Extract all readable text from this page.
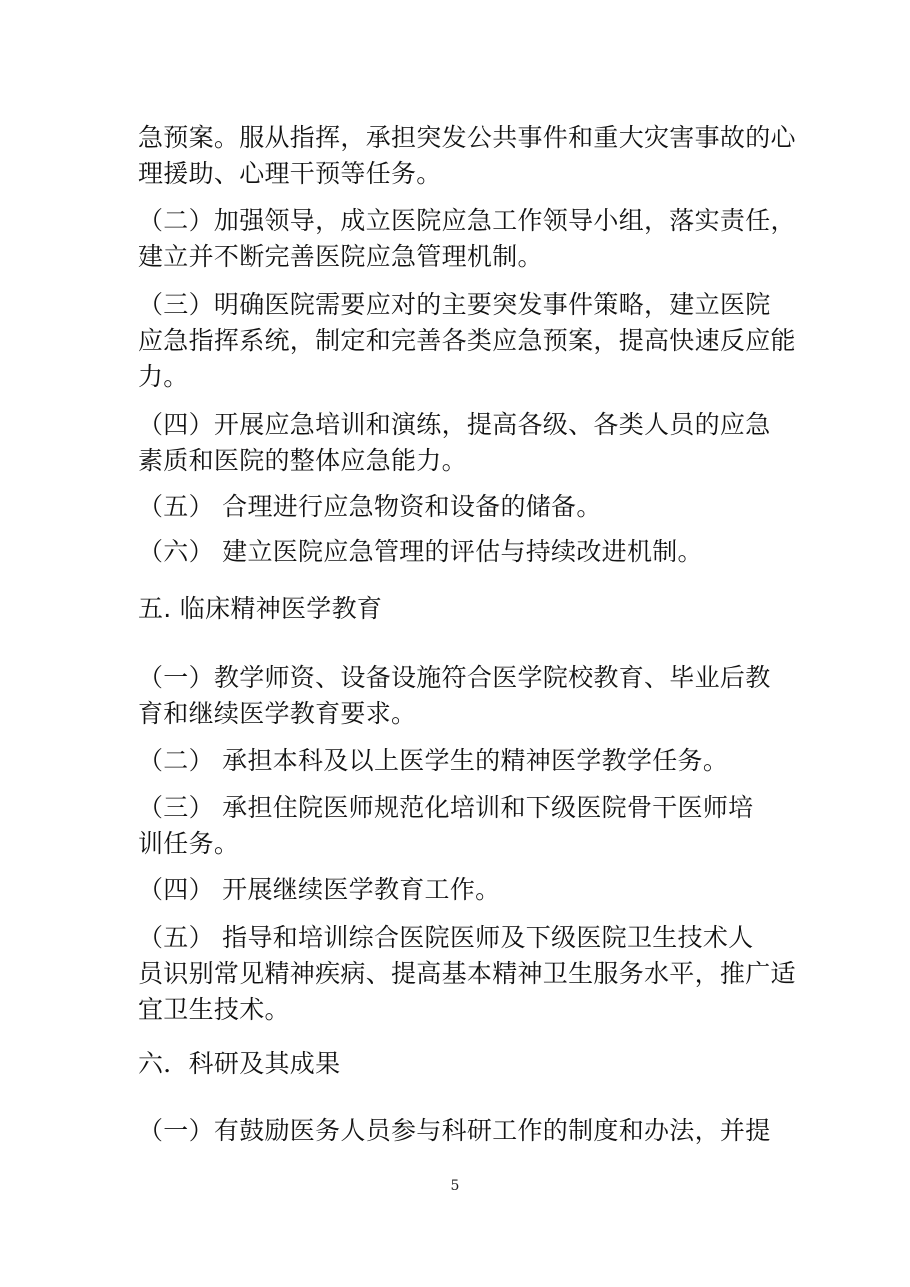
急预案。服从指挥，承担突发公共事件和重大灾害事故的心
理援助、心理干预等任务。
（二）加强领导，成立医院应急工作领导小组，落实责任，
建立并不断完善医院应急管理机制。
（三）明确医院需要应对的主要突发事件策略，建立医院
应急指挥系统，制定和完善各类应急预案，提高快速反应能
力。
（四）开展应急培训和演练，提高各级、各类人员的应急
素质和医院的整体应急能力。
（五） 合理进行应急物资和设备的储备。
（六） 建立医院应急管理的评估与持续改进机制。
五. 临床精神医学教育
（一）教学师资、设备设施符合医学院校教育、毕业后教
育和继续医学教育要求。
（二） 承担本科及以上医学生的精神医学教学任务。
（三） 承担住院医师规范化培训和下级医院骨干医师培
训任务。
（四） 开展继续医学教育工作。
（五） 指导和培训综合医院医师及下级医院卫生技术人
员识别常见精神疾病、提高基本精神卫生服务水平，推广适
宜卫生技术。
六．科研及其成果
（一）有鼓励医务人员参与科研工作的制度和办法，并提
5
